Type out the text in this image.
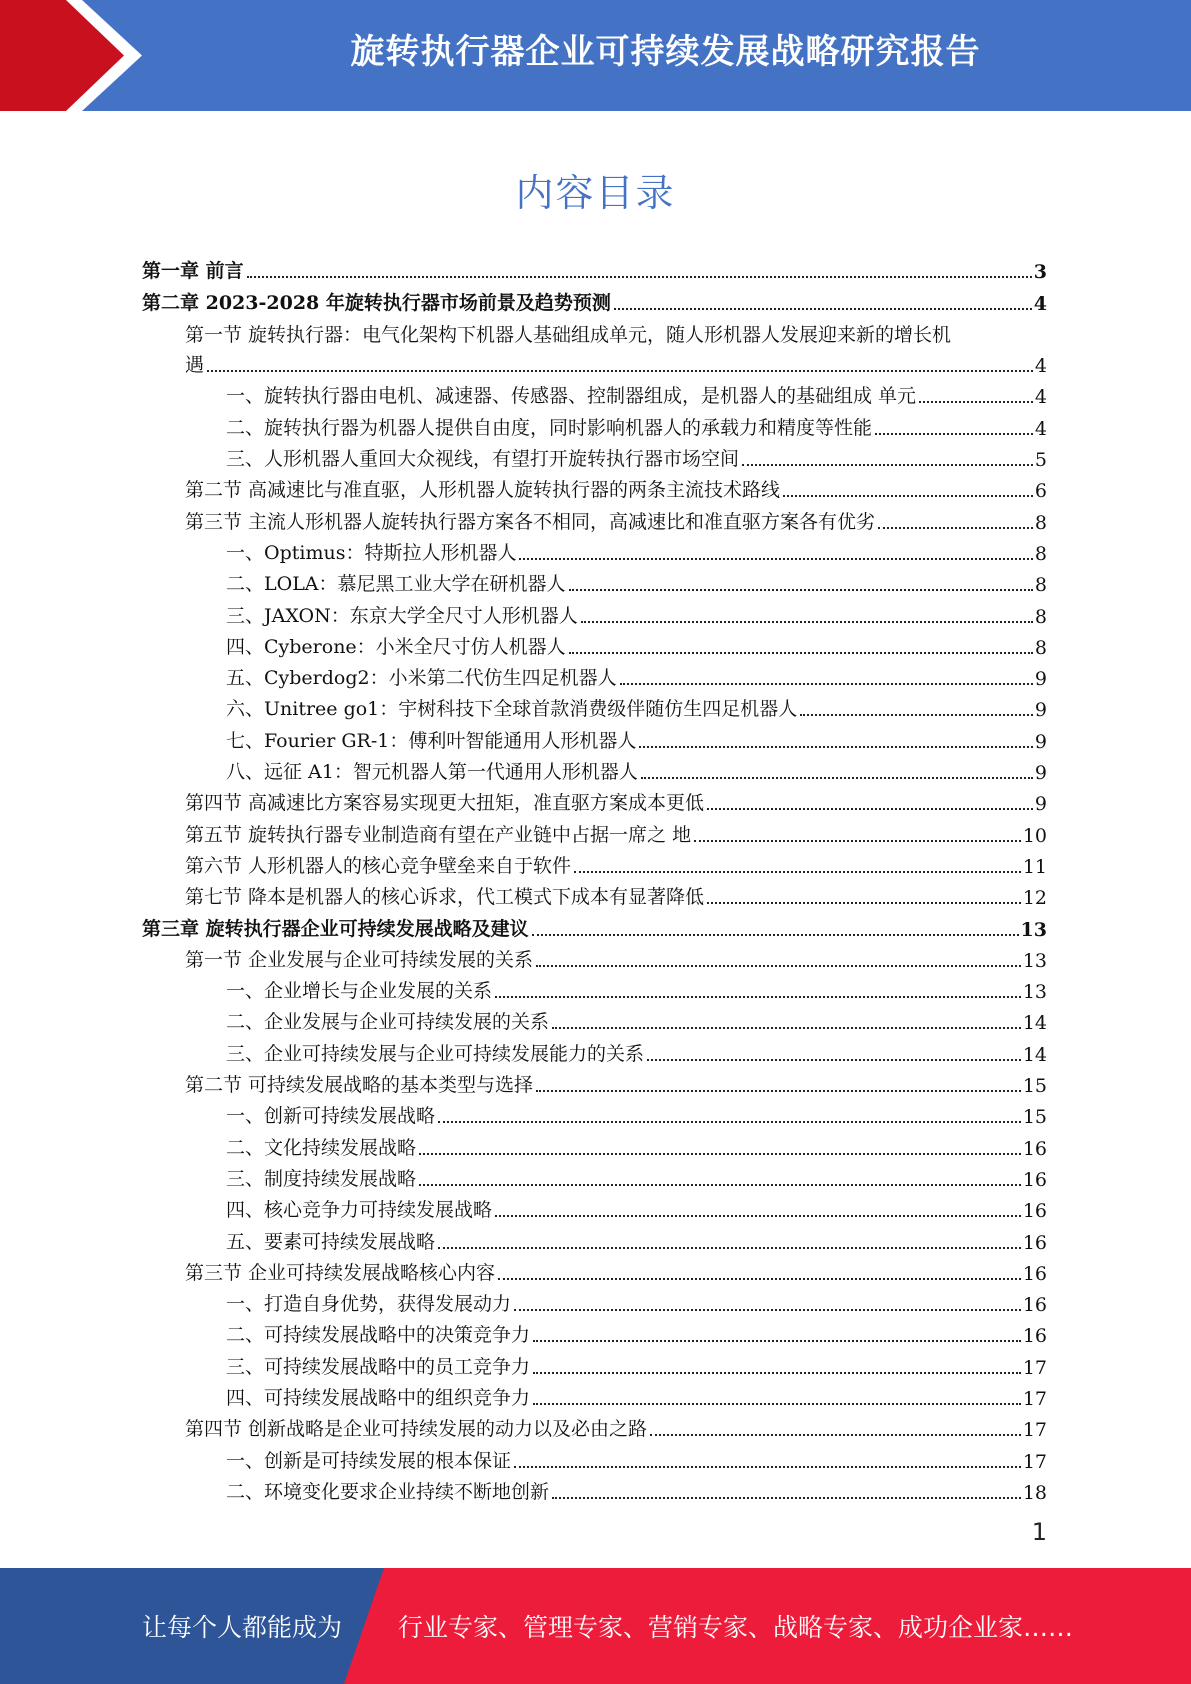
旋转执行器企业可持续发展战略研究报告
内容目录
第一章 前言	3
第二章 2023-2028 年旋转执行器市场前景及趋势预测	4
第一节 旋转执行器：电气化架构下机器人基础组成单元，随人形机器人发展迎来新的增长机
遇	4
一、旋转执行器由电机、减速器、传感器、控制器组成，是机器人的基础组成 单元	4
二、旋转执行器为机器人提供自由度，同时影响机器人的承载力和精度等性能	4
三、人形机器人重回大众视线，有望打开旋转执行器市场空间	5
第二节 高减速比与准直驱，人形机器人旋转执行器的两条主流技术路线	6
第三节 主流人形机器人旋转执行器方案各不相同，高减速比和准直驱方案各有优劣	8
一、Optimus：特斯拉人形机器人	8
二、LOLA：慕尼黑工业大学在研机器人	8
三、JAXON：东京大学全尺寸人形机器人	8
四、Cyberone：小米全尺寸仿人机器人	8
五、Cyberdog2：小米第二代仿生四足机器人	9
六、Unitree go1：宇树科技下全球首款消费级伴随仿生四足机器人	9
七、Fourier GR-1：傅利叶智能通用人形机器人	9
八、远征 A1：智元机器人第一代通用人形机器人	9
第四节 高减速比方案容易实现更大扭矩，准直驱方案成本更低	9
第五节 旋转执行器专业制造商有望在产业链中占据一席之 地	10
第六节 人形机器人的核心竞争壁垒来自于软件	11
第七节 降本是机器人的核心诉求，代工模式下成本有显著降低	12
第三章 旋转执行器企业可持续发展战略及建议	13
第一节 企业发展与企业可持续发展的关系	13
一、企业增长与企业发展的关系	13
二、企业发展与企业可持续发展的关系	14
三、企业可持续发展与企业可持续发展能力的关系	14
第二节 可持续发展战略的基本类型与选择	15
一、创新可持续发展战略	15
二、文化持续发展战略	16
三、制度持续发展战略	16
四、核心竞争力可持续发展战略	16
五、要素可持续发展战略	16
第三节 企业可持续发展战略核心内容	16
一、打造自身优势，获得发展动力	16
二、可持续发展战略中的决策竞争力	16
三、可持续发展战略中的员工竞争力	17
四、可持续发展战略中的组织竞争力	17
第四节 创新战略是企业可持续发展的动力以及必由之路	17
一、创新是可持续发展的根本保证	17
二、环境变化要求企业持续不断地创新	18
1
让每个人都能成为 行业专家、管理专家、营销专家、战略专家、成功企业家……
